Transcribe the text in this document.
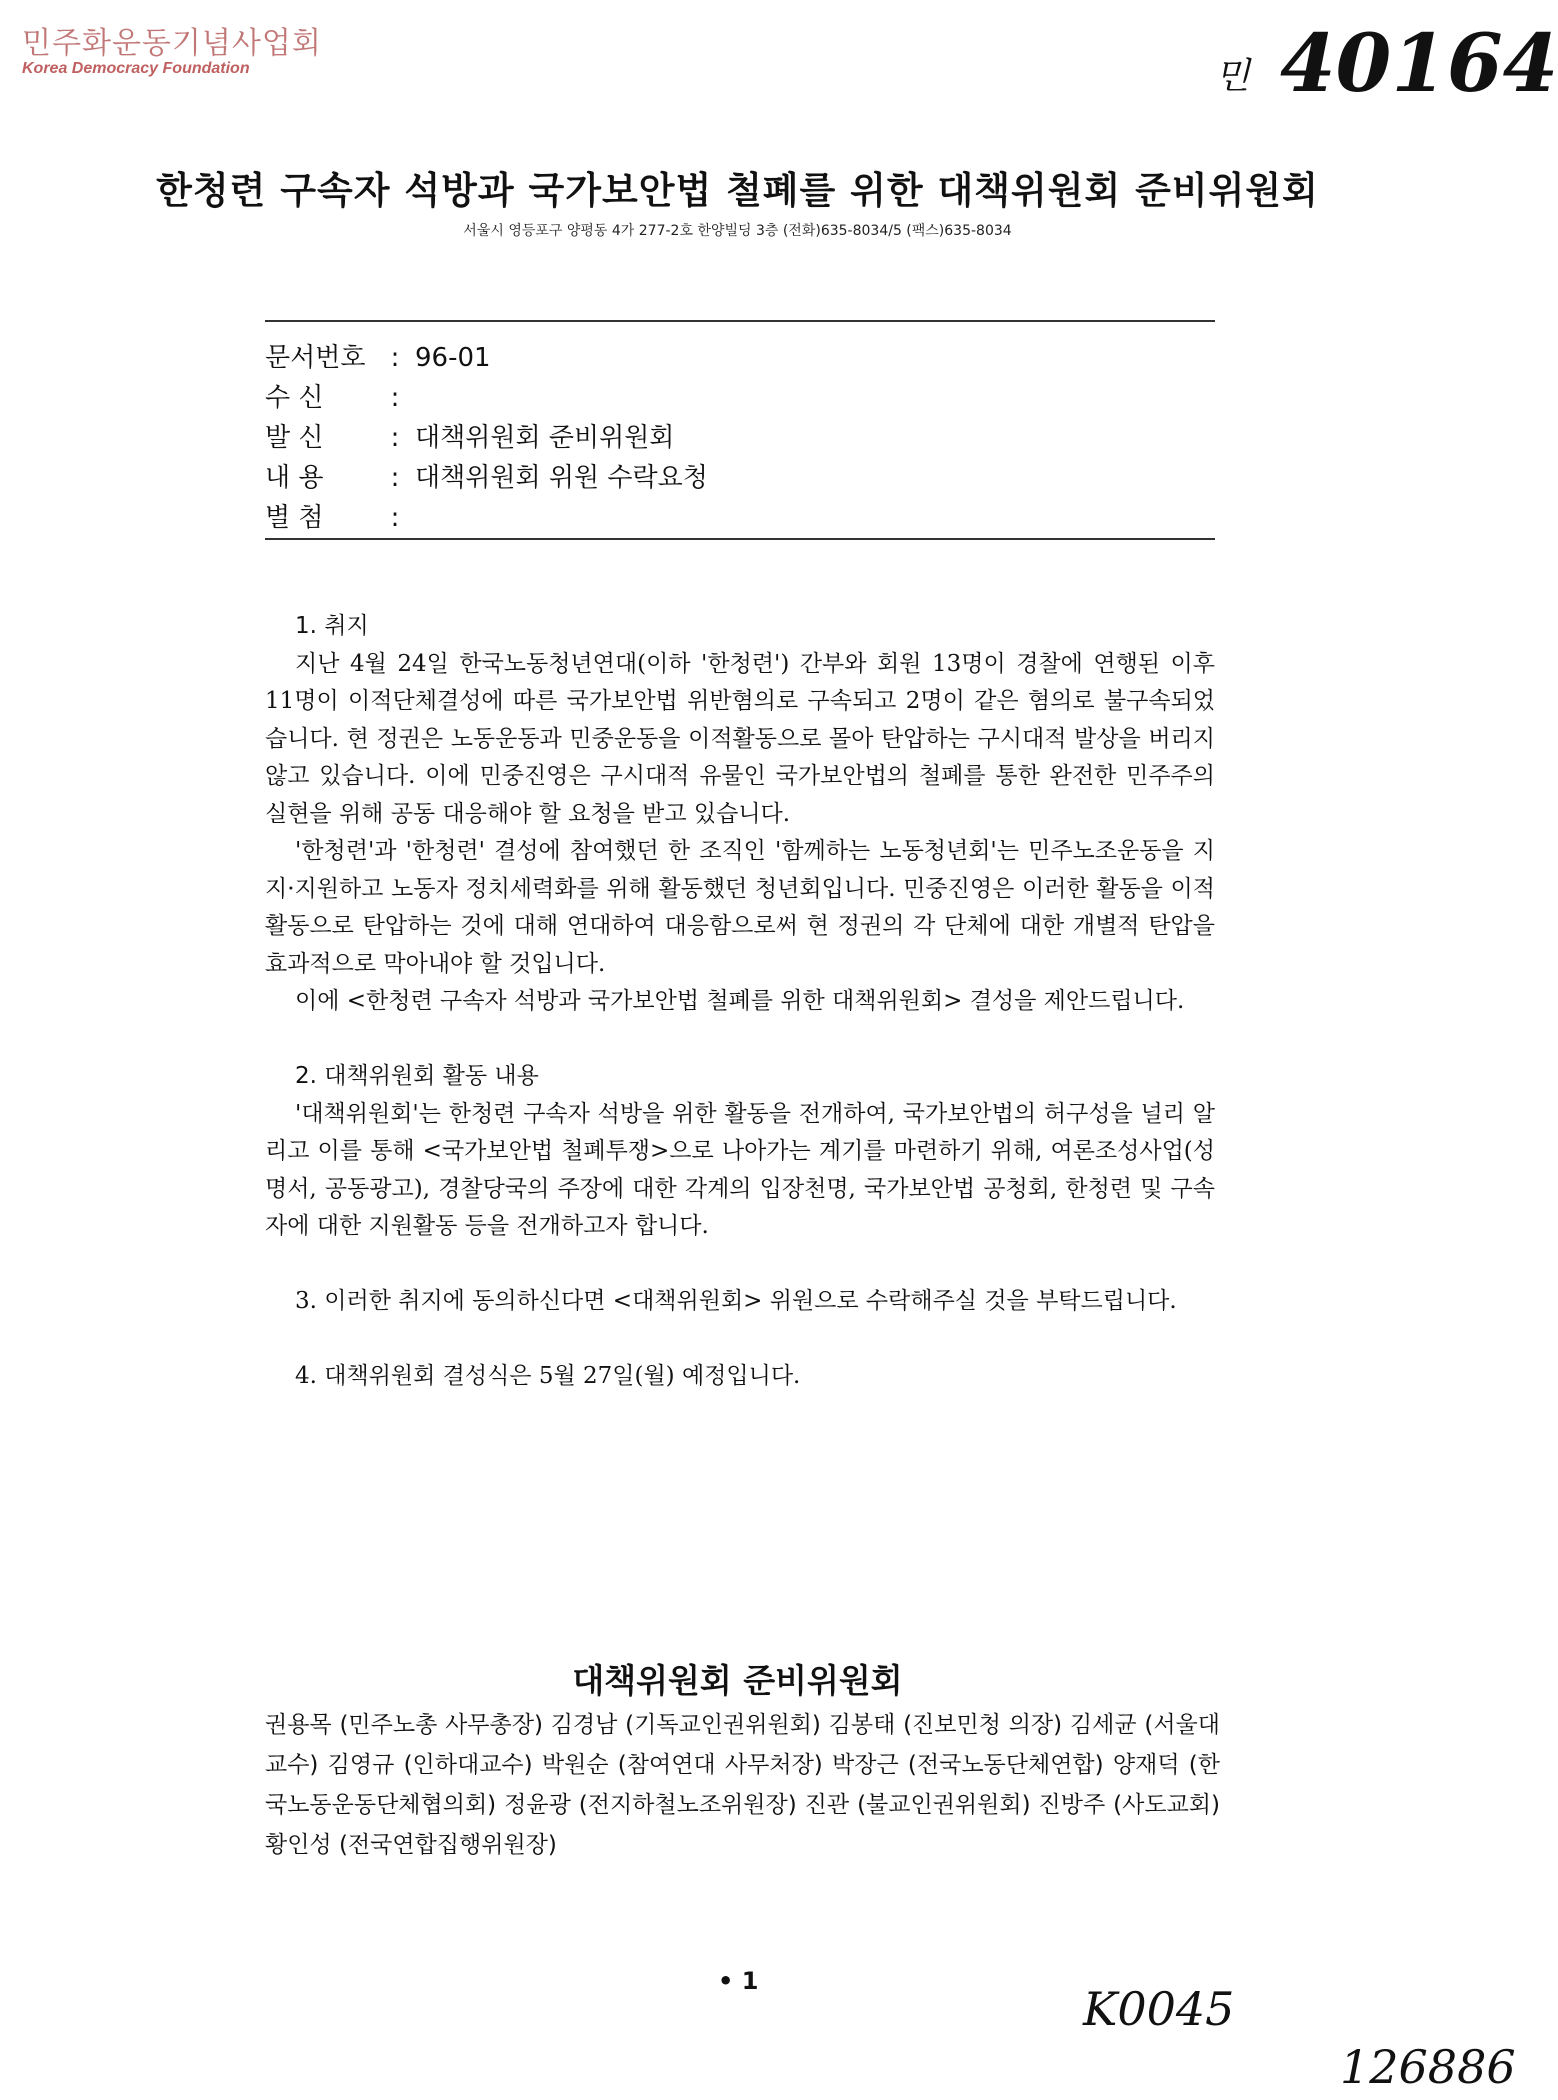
민주화운동기념사업회
Korea Democracy Foundation	민 40164
한청련 구속자 석방과 국가보안법 철폐를 위한 대책위원회 준비위원회
서울시 영등포구 양평동 4가 277-2호 한양빌딩 3층 (전화)635-8034/5 (팩스)635-8034
문서번호 : 96-01
수 신	:
발 신	: 대책위원회 준비위원회
내 용	: 대책위원회 위원 수락요청
별 첨	:

1. 취지

지난 4월 24일 한국노동청년연대(이하 '한청련') 간부와 회원 13명이 경찰에 연행된 이후 11명이 이적단체결성에 따른 국가보안법 위반혐의로 구속되고 2명이 같은 혐의로 불구속되었습니다. 현 정권은 노동운동과 민중운동을 이적활동으로 몰아 탄압하는 구시대적 발상을 버리지 않고 있습니다. 이에 민중진영은 구시대적 유물인 국가보안법의 철폐를 통한 완전한 민주주의 실현을 위해 공동 대응해야 할 요청을 받고 있습니다.

'한청련'과 '한청련' 결성에 참여했던 한 조직인 '함께하는 노동청년회'는 민주노조운동을 지지·지원하고 노동자 정치세력화를 위해 활동했던 청년회입니다. 민중진영은 이러한 활동을 이적활동으로 탄압하는 것에 대해 연대하여 대응함으로써 현 정권의 각 단체에 대한 개별적 탄압을 효과적으로 막아내야 할 것입니다.

이에 <한청련 구속자 석방과 국가보안법 철폐를 위한 대책위원회> 결성을 제안드립니다.

2. 대책위원회 활동 내용

'대책위원회'는 한청련 구속자 석방을 위한 활동을 전개하여, 국가보안법의 허구성을 널리 알리고 이를 통해 <국가보안법 철폐투쟁>으로 나아가는 계기를 마련하기 위해, 여론조성사업(성명서, 공동광고), 경찰당국의 주장에 대한 각계의 입장천명, 국가보안법 공청회, 한청련 및 구속자에 대한 지원활동 등을 전개하고자 합니다.

3. 이러한 취지에 동의하신다면 <대책위원회> 위원으로 수락해주실 것을 부탁드립니다.

4. 대책위원회 결성식은 5월 27일(월) 예정입니다.

대책위원회 준비위원회
권용목 (민주노총 사무총장) 김경남 (기독교인권위원회) 김봉태 (진보민청 의장) 김세균 (서울대교수) 김영규 (인하대교수) 박원순 (참여연대 사무처장) 박장근 (전국노동단체연합) 양재덕 (한국노동운동단체협의회) 정윤광 (전지하철노조위원장) 진관 (불교인권위원회) 진방주 (사도교회) 황인성 (전국연합집행위원장)
• 1
K0045
126886
